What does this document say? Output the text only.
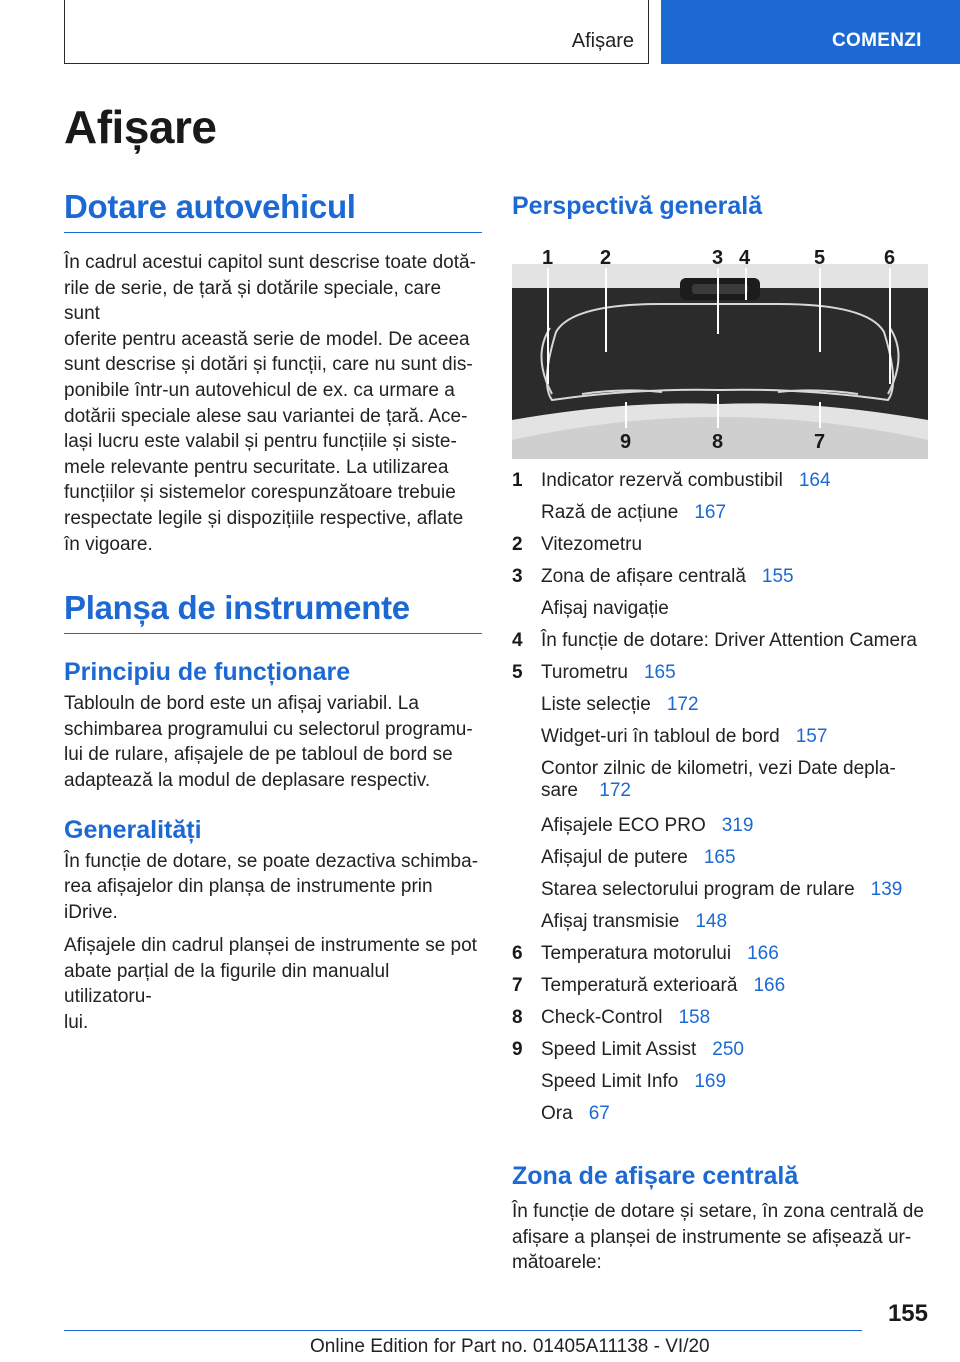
Afișare	COMENZI
Afișare
Dotare autovehicul
În cadrul acestui capitol sunt descrise toate dotă‐
rile de serie, de țară și dotările speciale, care sunt
oferite pentru această serie de model. De aceea
sunt descrise și dotări și funcții, care nu sunt dis‐
ponibile într-un autovehicul de ex. ca urmare a
dotării speciale alese sau variantei de țară. Ace‐
lași lucru este valabil și pentru funcțiile și siste‐
mele relevante pentru securitate. La utilizarea
funcțiilor și sistemelor corespunzătoare trebuie
respectate legile și dispozițiile respective, aflate
în vigoare.
Planșa de instrumente
Principiu de funcționare
Tablouln de bord este un afișaj variabil. La
schimbarea programului cu selectorul programu‐
lui de rulare, afișajele de pe tabloul de bord se
adaptează la modul de deplasare respectiv.
Generalități
În funcție de dotare, se poate dezactiva schimba‐
rea afișajelor din planșa de instrumente prin
iDrive.
Afișajele din cadrul planșei de instrumente se pot
abate parțial de la figurile din manualul utilizatoru‐
lui.
Perspectivă generală
1 2	3 4	5	6
9	8	7
1 Indicator rezervă combustibil 164
Rază de acțiune 167
2 Vitezometru
3 Zona de afișare centrală 155
Afișaj navigație
4 În funcție de dotare: Driver Attention Camera
5 Turometru 165
Liste selecție 172
Widget-uri în tabloul de bord 157
Contor zilnic de kilometri, vezi Date depla‐
sare 172
Afișajele ECO PRO 319
Afișajul de putere 165
Starea selectorului program de rulare 139
Afișaj transmisie 148
6 Temperatura motorului 166
7 Temperatură exterioară 166
8 Check-Control 158
9 Speed Limit Assist 250
Speed Limit Info 169
Ora 67
Zona de afișare centrală
În funcție de dotare și setare, în zona centrală de
afișare a planșei de instrumente se afișează ur‐
mătoarele:
155
Online Edition for Part no. 01405A11138 - VI/20
